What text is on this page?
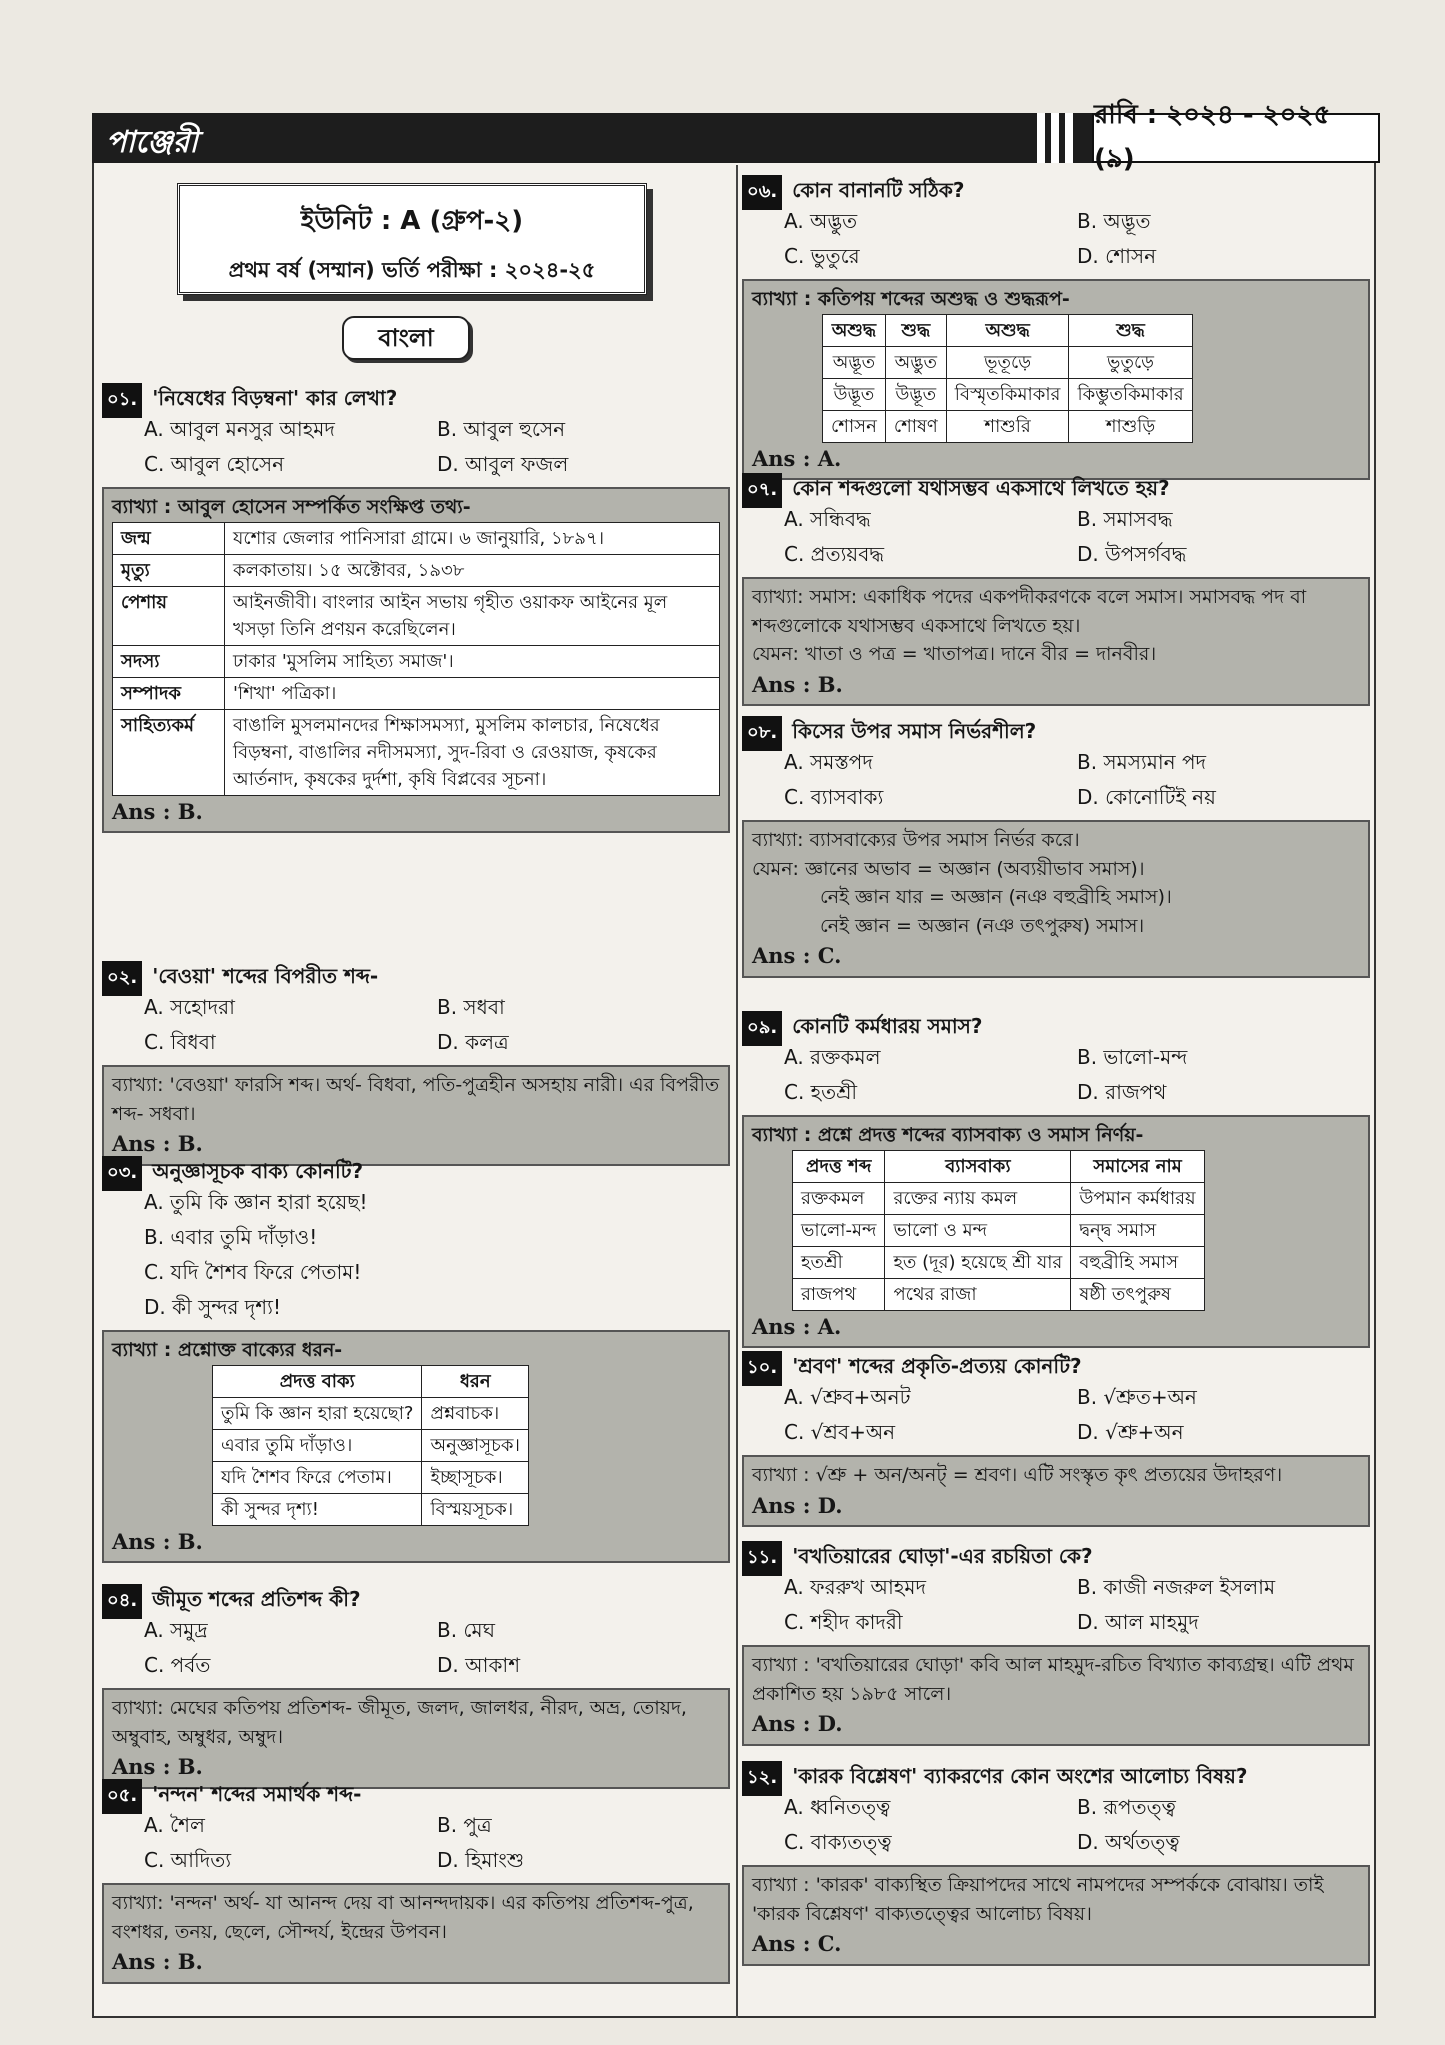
পাঞ্জেরী
রাবি : ২০২৪ - ২০২৫ (৯)
ইউনিট : A (গ্রুপ-২)
প্রথম বর্ষ (সম্মান) ভর্তি পরীক্ষা : ২০২৪-২৫
বাংলা
০১. 'নিষেধের বিড়ম্বনা' কার লেখা?
A. আবুল মনসুর আহমদ	B. আবুল হুসেন
C. আবুল হোসেন	D. আবুল ফজল
ব্যাখ্যা : আবুল হোসেন সম্পর্কিত সংক্ষিপ্ত তথ্য-
জন্ম	যশোর জেলার পানিসারা গ্রামে। ৬ জানুয়ারি, ১৮৯৭।
মৃত্যু	কলকাতায়। ১৫ অক্টোবর, ১৯৩৮
পেশায়	আইনজীবী। বাংলার আইন সভায় গৃহীত ওয়াকফ আইনের মূল খসড়া তিনি প্রণয়ন করেছিলেন।
সদস্য	ঢাকার 'মুসলিম সাহিত্য সমাজ'।
সম্পাদক	'শিখা' পত্রিকা।
সাহিত্যকর্ম	বাঙালি মুসলমানদের শিক্ষাসমস্যা, মুসলিম কালচার, নিষেধের বিড়ম্বনা, বাঙালির নদীসমস্যা, সুদ-রিবা ও রেওয়াজ, কৃষকের আর্তনাদ, কৃষকের দুর্দশা, কৃষি বিপ্লবের সূচনা।
Ans : B.
০২. 'বেওয়া' শব্দের বিপরীত শব্দ-
A. সহোদরা	B. সধবা
C. বিধবা	D. কলত্র
ব্যাখ্যা: 'বেওয়া' ফারসি শব্দ। অর্থ- বিধবা, পতি-পুত্রহীন অসহায় নারী। এর বিপরীত শব্দ- সধবা।
Ans : B.
০৩. অনুজ্ঞাসূচক বাক্য কোনটি?
A. তুমি কি জ্ঞান হারা হয়েছ!
B. এবার তুমি দাঁড়াও!
C. যদি শৈশব ফিরে পেতাম!
D. কী সুন্দর দৃশ্য!
ব্যাখ্যা : প্রশ্নোক্ত বাক্যের ধরন-
প্রদত্ত বাক্য	ধরন
তুমি কি জ্ঞান হারা হয়েছো?	প্রশ্নবাচক।
এবার তুমি দাঁড়াও।	অনুজ্ঞাসূচক।
যদি শৈশব ফিরে পেতাম।	ইচ্ছাসূচক।
কী সুন্দর দৃশ্য!	বিস্ময়সূচক।
Ans : B.
০৪. জীমূত শব্দের প্রতিশব্দ কী?
A. সমুদ্র	B. মেঘ
C. পর্বত	D. আকাশ
ব্যাখ্যা: মেঘের কতিপয় প্রতিশব্দ- জীমূত, জলদ, জালধর, নীরদ, অভ্র, তোয়দ, অম্বুবাহ, অম্বুধর, অম্বুদ।
Ans : B.
০৫. 'নন্দন' শব্দের সমার্থক শব্দ-
A. শৈল	B. পুত্র
C. আদিত্য	D. হিমাংশু
ব্যাখ্যা: 'নন্দন' অর্থ- যা আনন্দ দেয় বা আনন্দদায়ক। এর কতিপয় প্রতিশব্দ-পুত্র, বংশধর, তনয়, ছেলে, সৌন্দর্য, ইন্দ্রের উপবন।
Ans : B.
০৬. কোন বানানটি সঠিক?
A. অদ্ভুত	B. অদ্ভূত
C. ভুতুরে	D. শোসন
ব্যাখ্যা : কতিপয় শব্দের অশুদ্ধ ও শুদ্ধরূপ-
অশুদ্ধ	শুদ্ধ	অশুদ্ধ	শুদ্ধ
অদ্ভূত	অদ্ভুত	ভূতূড়ে	ভুতুড়ে
উদ্ভূত	উদ্ভূত	বিস্মৃতকিমাকার	কিম্ভুতকিমাকার
শোসন	শোষণ	শাশুরি	শাশুড়ি
Ans : A.
০৭. কোন শব্দগুলো যথাসম্ভব একসাথে লিখতে হয়?
A. সন্ধিবদ্ধ	B. সমাসবদ্ধ
C. প্রত্যয়বদ্ধ	D. উপসর্গবদ্ধ
ব্যাখ্যা: সমাস: একাধিক পদের একপদীকরণকে বলে সমাস। সমাসবদ্ধ পদ বা শব্দগুলোকে যথাসম্ভব একসাথে লিখতে হয়।
যেমন: খাতা ও পত্র = খাতাপত্র। দানে বীর = দানবীর।
Ans : B.
০৮. কিসের উপর সমাস নির্ভরশীল?
A. সমস্তপদ	B. সমস্যমান পদ
C. ব্যাসবাক্য	D. কোনোটিই নয়
ব্যাখ্যা: ব্যাসবাক্যের উপর সমাস নির্ভর করে।
যেমন: জ্ঞানের অভাব = অজ্ঞান (অব্যয়ীভাব সমাস)।
নেই জ্ঞান যার = অজ্ঞান (নঞ বহুব্রীহি সমাস)।
নেই জ্ঞান = অজ্ঞান (নঞ তৎপুরুষ) সমাস।
Ans : C.
০৯. কোনটি কর্মধারয় সমাস?
A. রক্তকমল	B. ভালো-মন্দ
C. হতশ্রী	D. রাজপথ
ব্যাখ্যা : প্রশ্নে প্রদত্ত শব্দের ব্যাসবাক্য ও সমাস নির্ণয়-
প্রদত্ত শব্দ	ব্যাসবাক্য	সমাসের নাম
রক্তকমল	রক্তের ন্যায় কমল	উপমান কর্মধারয়
ভালো-মন্দ	ভালো ও মন্দ	দ্বন্দ্ব সমাস
হতশ্রী	হত (দূর) হয়েছে শ্রী যার	বহুব্রীহি সমাস
রাজপথ	পথের রাজা	ষষ্ঠী তৎপুরুষ
Ans : A.
১০. 'শ্রবণ' শব্দের প্রকৃতি-প্রত্যয় কোনটি?
A. √শ্রুব+অনট	B. √শ্রুত+অন
C. √শ্রব+অন	D. √শ্রু+অন
ব্যাখ্যা : √শ্রু + অন/অনট্‌ = শ্রবণ। এটি সংস্কৃত কৃৎ প্রত্যয়ের উদাহরণ।
Ans : D.
১১. 'বখতিয়ারের ঘোড়া'-এর রচয়িতা কে?
A. ফররুখ আহমদ	B. কাজী নজরুল ইসলাম
C. শহীদ কাদরী	D. আল মাহমুদ
ব্যাখ্যা : 'বখতিয়ারের ঘোড়া' কবি আল মাহমুদ-রচিত বিখ্যাত কাব্যগ্রন্থ। এটি প্রথম প্রকাশিত হয় ১৯৮৫ সালে।
Ans : D.
১২. 'কারক বিশ্লেষণ' ব্যাকরণের কোন অংশের আলোচ্য বিষয়?
A. ধ্বনিতত্ত্ব	B. রূপতত্ত্ব
C. বাক্যতত্ত্ব	D. অর্থতত্ত্ব
ব্যাখ্যা : 'কারক' বাক্যস্থিত ক্রিয়াপদের সাথে নামপদের সম্পর্ককে বোঝায়। তাই 'কারক বিশ্লেষণ' বাক্যতত্ত্বের আলোচ্য বিষয়।
Ans : C.
